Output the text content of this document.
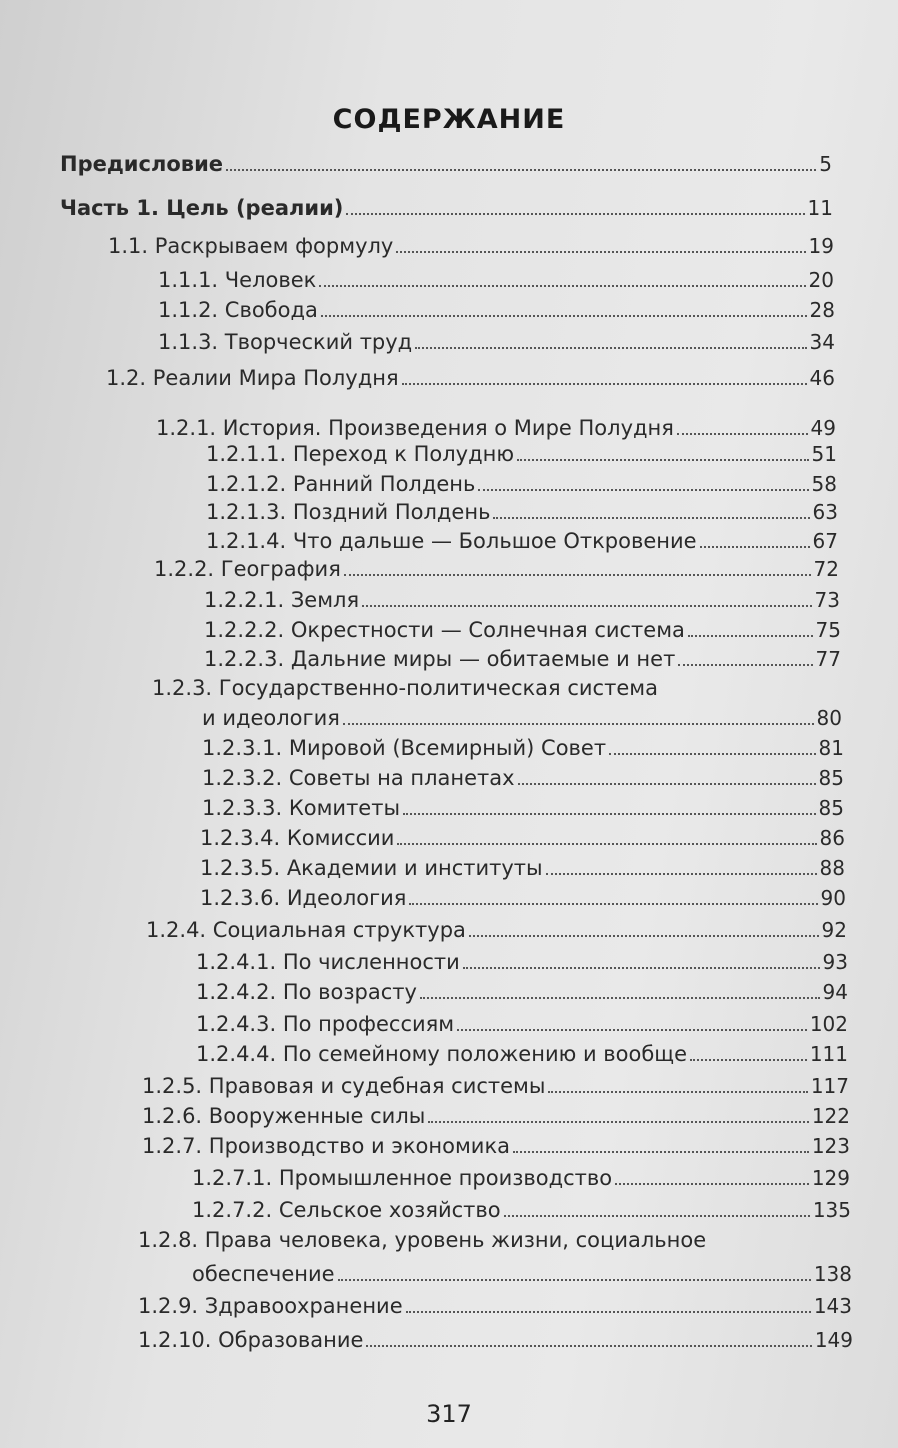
СОДЕРЖАНИЕ
Предисловие	5
Часть 1. Цель (реалии)	11
1.1. Раскрываем формулу	19
1.1.1. Человек	20
1.1.2. Свобода	28
1.1.3. Творческий труд	34
1.2. Реалии Мира Полудня	46
1.2.1. История. Произведения о Мире Полудня	49
1.2.1.1. Переход к Полудню	51
1.2.1.2. Ранний Полдень	58
1.2.1.3. Поздний Полдень	63
1.2.1.4. Что дальше — Большое Откровение	67
1.2.2. География	72
1.2.2.1. Земля	73
1.2.2.2. Окрестности — Солнечная система	75
1.2.2.3. Дальние миры — обитаемые и нет	77
1.2.3. Государственно-политическая система
и идеология	80
1.2.3.1. Мировой (Всемирный) Совет	81
1.2.3.2. Советы на планетах	85
1.2.3.3. Комитеты	85
1.2.3.4. Комиссии	86
1.2.3.5. Академии и институты	88
1.2.3.6. Идеология	90
1.2.4. Социальная структура	92
1.2.4.1. По численности	93
1.2.4.2. По возрасту	94
1.2.4.3. По профессиям	102
1.2.4.4. По семейному положению и вообще	111
1.2.5. Правовая и судебная системы	117
1.2.6. Вооруженные силы	122
1.2.7. Производство и экономика	123
1.2.7.1. Промышленное производство	129
1.2.7.2. Сельское хозяйство	135
1.2.8. Права человека, уровень жизни, социальное
обеспечение	138
1.2.9. Здравоохранение	143
1.2.10. Образование	149
317
